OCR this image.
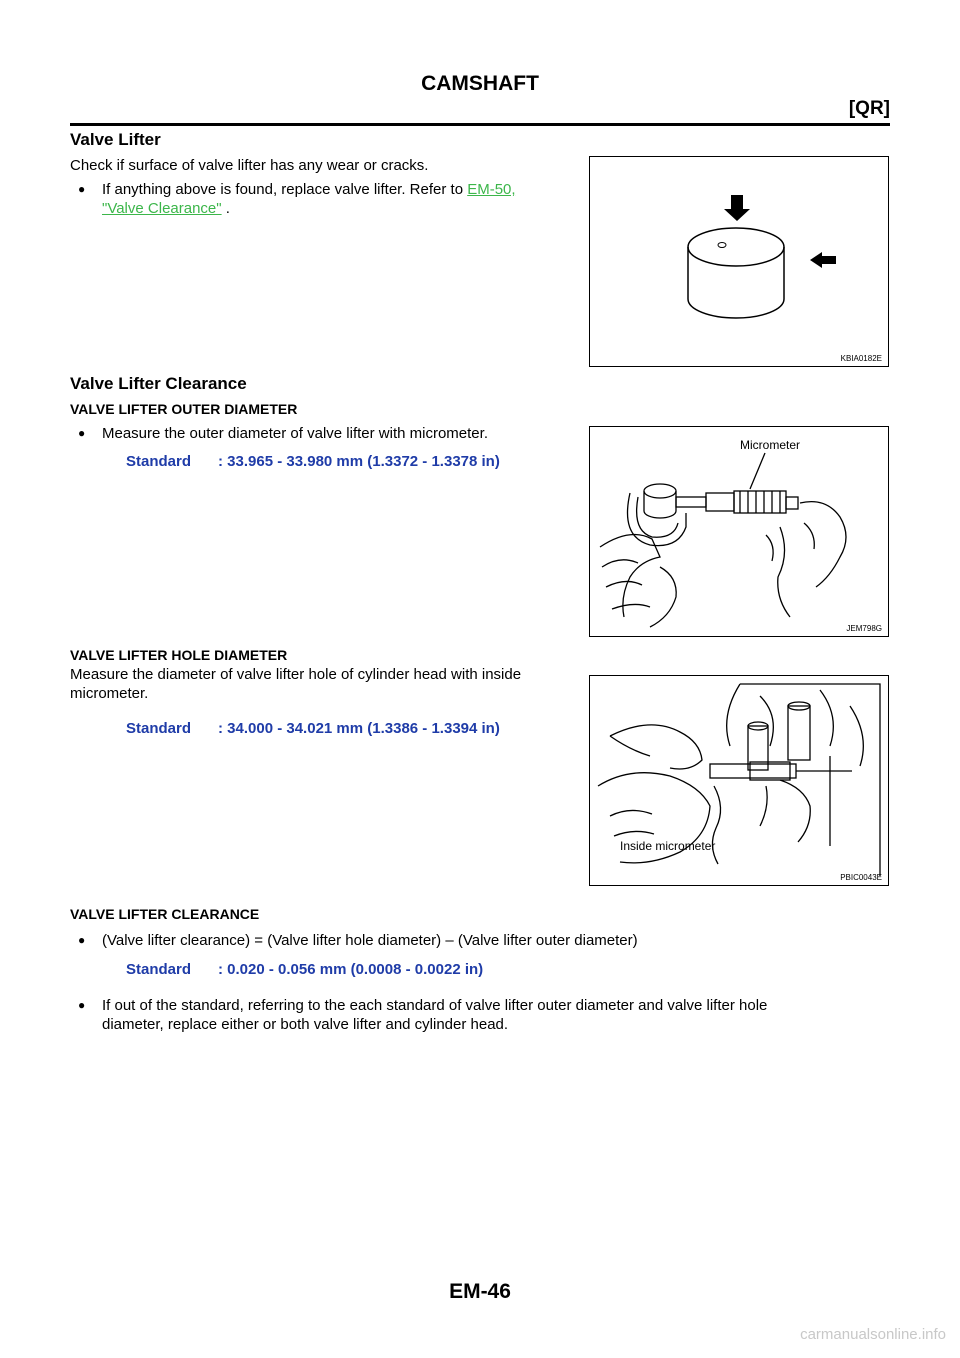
CAMSHAFT
[QR]
Valve Lifter
Check if surface of valve lifter has any wear or cracks.
● If anything above is found, replace valve lifter. Refer to EM-50,
"Valve Clearance" .
KBIA0182E
Valve Lifter Clearance
VALVE LIFTER OUTER DIAMETER
● Measure the outer diameter of valve lifter with micrometer.
Standard : 33.965 - 33.980 mm (1.3372 - 1.3378 in)
Micrometer
JEM798G
VALVE LIFTER HOLE DIAMETER
Measure the diameter of valve lifter hole of cylinder head with inside
micrometer.
Standard : 34.000 - 34.021 mm (1.3386 - 1.3394 in)
Inside micrometer
PBIC0043E
VALVE LIFTER CLEARANCE
● (Valve lifter clearance) = (Valve lifter hole diameter) – (Valve lifter outer diameter)
Standard : 0.020 - 0.056 mm (0.0008 - 0.0022 in)
● If out of the standard, referring to the each standard of valve lifter outer diameter and valve lifter hole
diameter, replace either or both valve lifter and cylinder head.
EM-46
carmanualsonline.info
